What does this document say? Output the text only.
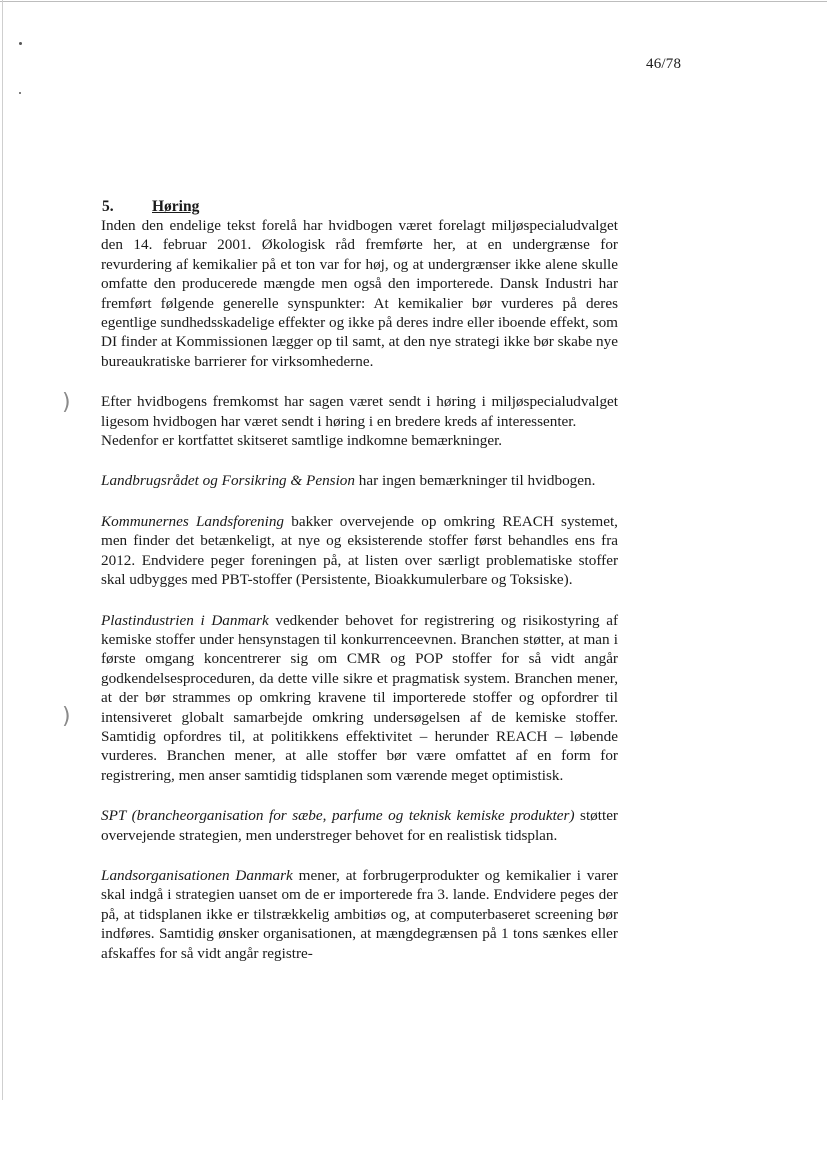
)
)
46/78
5. Høring

Inden den endelige tekst forelå har hvidbogen været forelagt miljøspecialudvalget den 14. februar 2001. Økologisk råd fremførte her, at en undergrænse for revurdering af kemikalier på et ton var for høj, og at undergrænser ikke alene skulle omfatte den producerede mængde men også den importerede. Dansk Industri har fremført følgende generelle synspunkter: At kemikalier bør vurderes på deres egentlige sundhedsskadelige effekter og ikke på deres indre eller iboende effekt, som DI finder at Kommissionen lægger op til samt, at den nye strategi ikke bør skabe nye bureaukratiske barrierer for virksomhederne.

Efter hvidbogens fremkomst har sagen været sendt i høring i miljøspecialudvalget ligesom hvidbogen har været sendt i høring i en bredere kreds af interessenter.

Nedenfor er kortfattet skitseret samtlige indkomne bemærkninger.

Landbrugsrådet og Forsikring & Pension har ingen bemærkninger til hvidbogen.

Kommunernes Landsforening bakker overvejende op omkring REACH systemet, men finder det betænkeligt, at nye og eksisterende stoffer først behandles ens fra 2012. Endvidere peger foreningen på, at listen over særligt problematiske stoffer skal udbygges med PBT-stoffer (Persistente, Bioakkumulerbare og Toksiske).

Plastindustrien i Danmark vedkender behovet for registrering og risikostyring af kemiske stoffer under hensynstagen til konkurrenceevnen. Branchen støtter, at man i første omgang koncentrerer sig om CMR og POP stoffer for så vidt angår godkendelsesproceduren, da dette ville sikre et pragmatisk system. Branchen mener, at der bør strammes op omkring kravene til importerede stoffer og opfordrer til intensiveret globalt samarbejde omkring undersøgelsen af de kemiske stoffer. Samtidig opfordres til, at politikkens effektivitet – herunder REACH – løbende vurderes. Branchen mener, at alle stoffer bør være omfattet af en form for registrering, men anser samtidig tidsplanen som værende meget optimistisk.

SPT (brancheorganisation for sæbe, parfume og teknisk kemiske produkter) støtter overvejende strategien, men understreger behovet for en realistisk tidsplan.

Landsorganisationen Danmark mener, at forbrugerprodukter og kemikalier i varer skal indgå i strategien uanset om de er importerede fra 3. lande. Endvidere peges der på, at tidsplanen ikke er tilstrækkelig ambitiøs og, at computerbaseret screening bør indføres. Samtidig ønsker organisationen, at mængdegrænsen på 1 tons sænkes eller afskaffes for så vidt angår registre-
